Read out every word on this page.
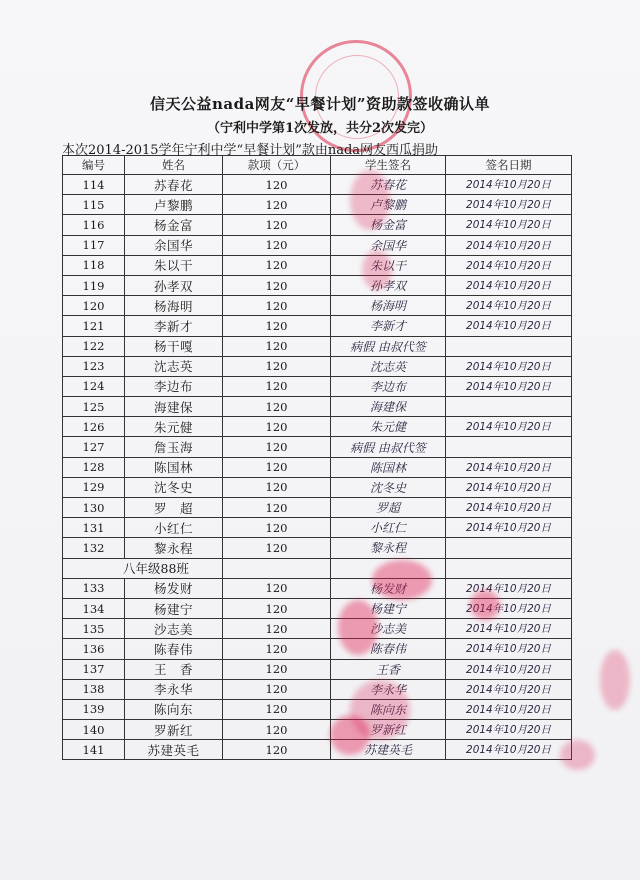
信天公益nada网友“早餐计划”资助款签收确认单
（宁利中学第1次发放，共分2次发完）
本次2014-2015学年宁利中学“早餐计划”款由nada网友西瓜捐助
编号	姓名	款项（元）	学生签名	签名日期
114	苏春花	120	苏春花	2014年10月20日
115	卢黎鹏	120	卢黎鹏	2014年10月20日
116	杨金富	120	杨金富	2014年10月20日
117	余国华	120	余国华	2014年10月20日
118	朱以干	120	朱以干	2014年10月20日
119	孙孝双	120	孙孝双	2014年10月20日
120	杨海明	120	杨海明	2014年10月20日
121	李新才	120	李新才	2014年10月20日
122	杨干嘎	120	病假 由叔代签	
123	沈志英	120	沈志英	2014年10月20日
124	李边布	120	李边布	2014年10月20日
125	海建保	120	海建保	
126	朱元健	120	朱元健	2014年10月20日
127	詹玉海	120	病假 由叔代签	
128	陈国林	120	陈国林	2014年10月20日
129	沈冬史	120	沈冬史	2014年10月20日
130	罗　超	120	罗超	2014年10月20日
131	小红仁	120	小红仁	2014年10月20日
132	黎永程	120	黎永程	
八年级88班				
133	杨发财	120	杨发财	2014年10月20日
134	杨建宁	120	杨建宁	2014年10月20日
135	沙志美	120	沙志美	2014年10月20日
136	陈春伟	120	陈春伟	2014年10月20日
137	王　香	120	王香	2014年10月20日
138	李永华	120	李永华	2014年10月20日
139	陈向东	120	陈向东	2014年10月20日
140	罗新红	120	罗新红	2014年10月20日
141	苏建英毛	120	苏建英毛	2014年10月20日
